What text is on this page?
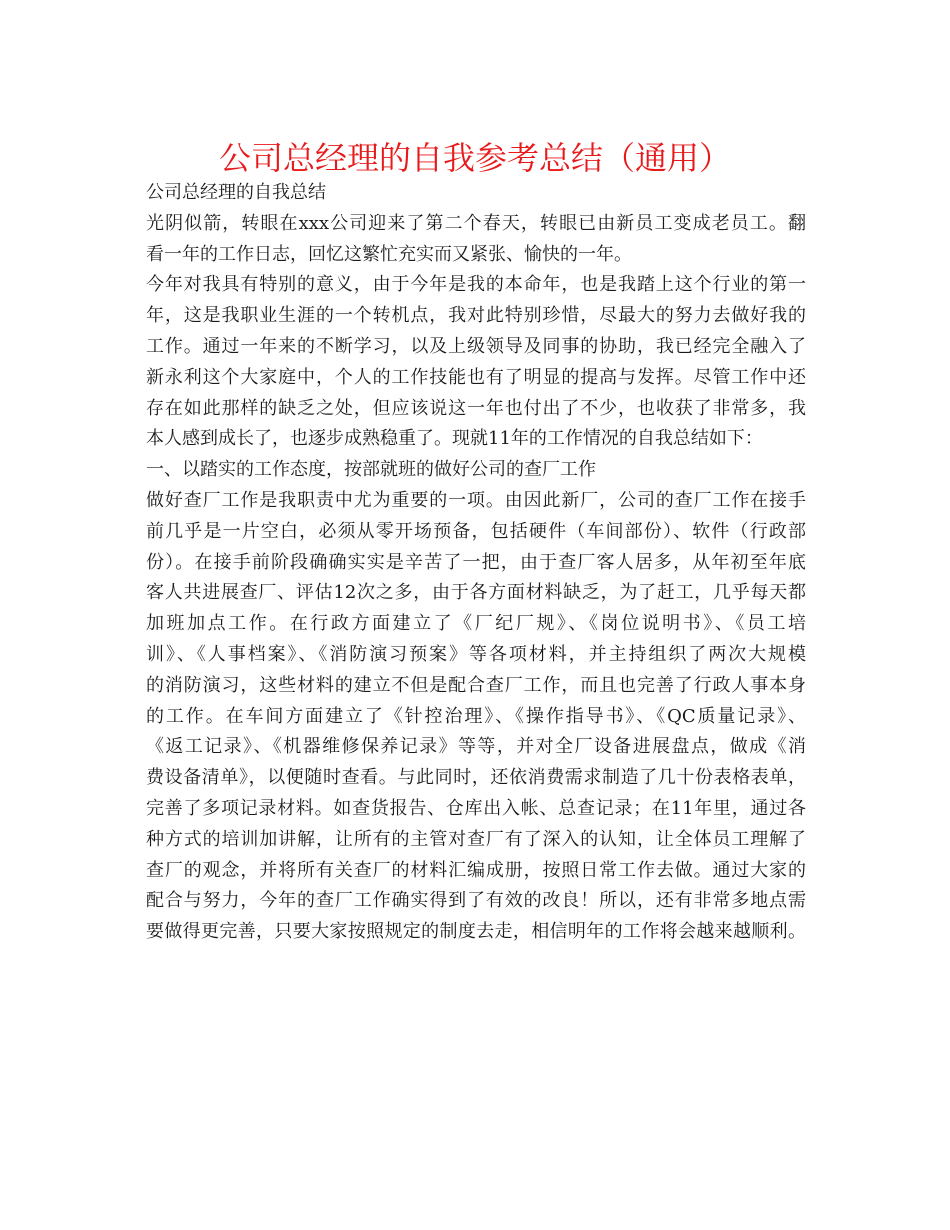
公司总经理的自我参考总结（通用）
公司总经理的自我总结
光阴似箭，转眼在xxx公司迎来了第二个春天，转眼已由新员工变成老员工。翻
看一年的工作日志，回忆这繁忙充实而又紧张、愉快的一年。
今年对我具有特别的意义，由于今年是我的本命年，也是我踏上这个行业的第一
年，这是我职业生涯的一个转机点，我对此特别珍惜，尽最大的努力去做好我的
工作。通过一年来的不断学习，以及上级领导及同事的协助，我已经完全融入了
新永利这个大家庭中，个人的工作技能也有了明显的提高与发挥。尽管工作中还
存在如此那样的缺乏之处，但应该说这一年也付出了不少，也收获了非常多，我
本人感到成长了，也逐步成熟稳重了。现就11年的工作情况的自我总结如下：
一、以踏实的工作态度，按部就班的做好公司的查厂工作
做好查厂工作是我职责中尤为重要的一项。由因此新厂，公司的查厂工作在接手
前几乎是一片空白，必须从零开场预备，包括硬件（车间部份）、软件（行政部
份）。在接手前阶段确确实实是辛苦了一把，由于查厂客人居多，从年初至年底
客人共进展查厂、评估12次之多，由于各方面材料缺乏，为了赶工，几乎每天都
加班加点工作。在行政方面建立了《厂纪厂规》、《岗位说明书》、《员工培
训》、《人事档案》、《消防演习预案》等各项材料，并主持组织了两次大规模
的消防演习，这些材料的建立不但是配合查厂工作，而且也完善了行政人事本身
的工作。在车间方面建立了《针控治理》、《操作指导书》、《QC质量记录》、
《返工记录》、《机器维修保养记录》等等，并对全厂设备进展盘点，做成《消
费设备清单》，以便随时查看。与此同时，还依消费需求制造了几十份表格表单，
完善了多项记录材料。如查货报告、仓库出入帐、总查记录；在11年里，通过各
种方式的培训加讲解，让所有的主管对查厂有了深入的认知，让全体员工理解了
查厂的观念，并将所有关查厂的材料汇编成册，按照日常工作去做。通过大家的
配合与努力，今年的查厂工作确实得到了有效的改良！所以，还有非常多地点需
要做得更完善，只要大家按照规定的制度去走，相信明年的工作将会越来越顺利。
